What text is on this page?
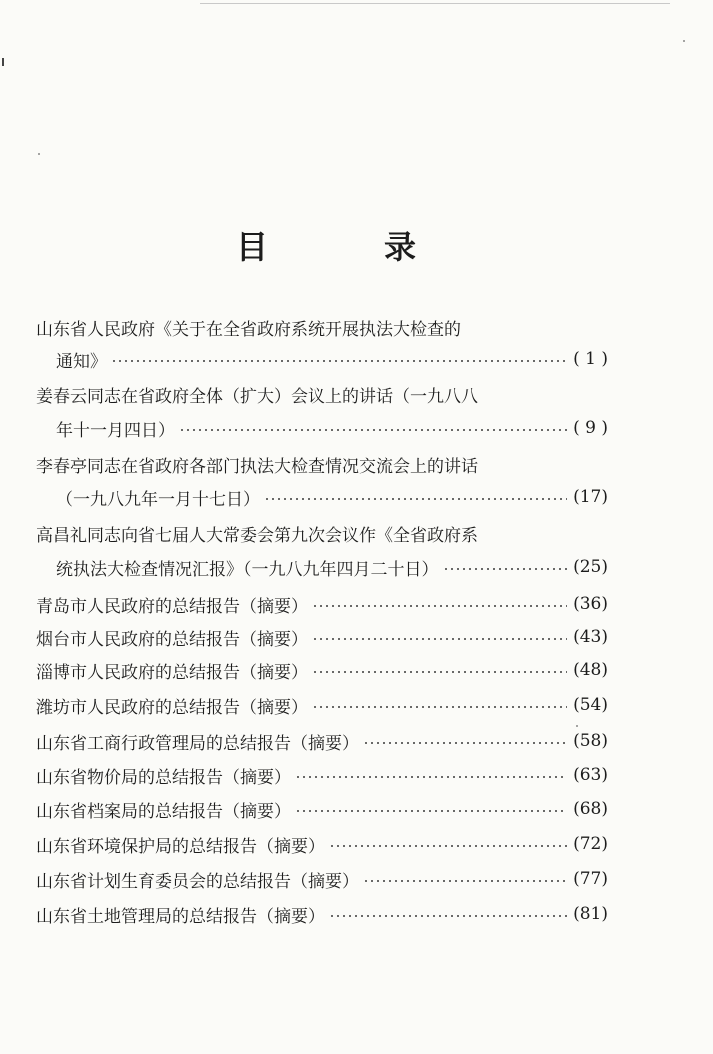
目	录
山东省人民政府《关于在全省政府系统开展执法大检查的
通知》	( 1 )
姜春云同志在省政府全体（扩大）会议上的讲话（一九八八
年十一月四日）	( 9 )
李春亭同志在省政府各部门执法大检查情况交流会上的讲话
（一九八九年一月十七日）	(17)
高昌礼同志向省七届人大常委会第九次会议作《全省政府系
统执法大检查情况汇报》（一九八九年四月二十日）	(25)
青岛市人民政府的总结报告（摘要）	(36)
烟台市人民政府的总结报告（摘要）	(43)
淄博市人民政府的总结报告（摘要）	(48)
潍坊市人民政府的总结报告（摘要）	(54)
山东省工商行政管理局的总结报告（摘要）	(58)
山东省物价局的总结报告（摘要）	(63)
山东省档案局的总结报告（摘要）	(68)
山东省环境保护局的总结报告（摘要）	(72)
山东省计划生育委员会的总结报告（摘要）	(77)
山东省土地管理局的总结报告（摘要）	(81)
